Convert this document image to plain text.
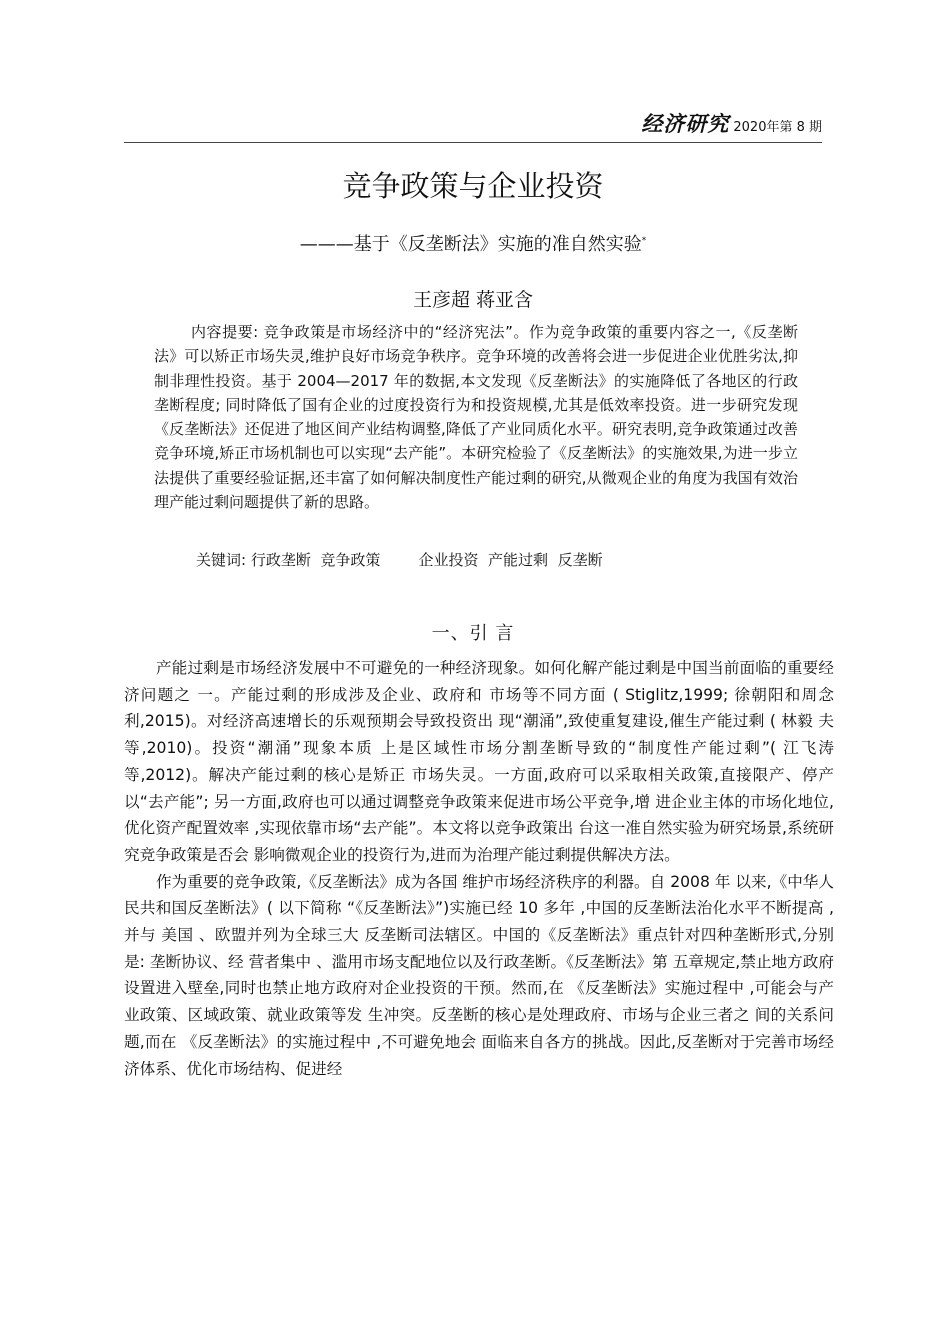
经济研究 2020年第 8 期
竞争政策与企业投资
———基于《反垄断法》实施的准自然实验*
王彦超 蒋亚含

内容提要: 竞争政策是市场经济中的“经济宪法”。作为竞争政策的重要内容之一,《反垄断法》可以矫正市场失灵,维护良好市场竞争秩序。竞争环境的改善将会进一步促进企业优胜劣汰,抑制非理性投资。基于 2004—2017 年的数据,本文发现《反垄断法》的实施降低了各地区的行政垄断程度; 同时降低了国有企业的过度投资行为和投资规模,尤其是低效率投资。进一步研究发现《反垄断法》还促进了地区间产业结构调整,降低了产业同质化水平。研究表明,竞争政策通过改善竞争环境,矫正市场机制也可以实现“去产能”。本研究检验了《反垄断法》的实施效果,为进一步立法提供了重要经验证据,还丰富了如何解决制度性产能过剩的研究,从微观企业的角度为我国有效治理产能过剩问题提供了新的思路。

关键词: 行政垄断  竞争政策        企业投资  产能过剩  反垄断
一、引 言

产能过剩是市场经济发展中不可避免的一种经济现象。如何化解产能过剩是中国当前面临的重要经济问题之 一。产能过剩的形成涉及企业、政府和 市场等不同方面 ( Stiglitz,1999; 徐朝阳和周念利,2015)。对经济高速增长的乐观预期会导致投资出 现“潮涌”,致使重复建设,催生产能过剩 ( 林毅 夫等,2010)。投资“潮涌”现象本质 上是区域性市场分割垄断导致的“制度性产能过剩”( 江飞涛等,2012)。解决产能过剩的核心是矫正 市场失灵。一方面,政府可以采取相关政策,直接限产、停产以“去产能”; 另一方面,政府也可以通过调整竞争政策来促进市场公平竞争,增 进企业主体的市场化地位,优化资产配置效率 ,实现依靠市场“去产能”。本文将以竞争政策出 台这一准自然实验为研究场景,系统研究竞争政策是否会 影响微观企业的投资行为,进而为治理产能过剩提供解决方法。

作为重要的竞争政策,《反垄断法》成为各国 维护市场经济秩序的利器。自 2008 年 以来,《中华人民共和国反垄断法》( 以下简称 “《反垄断法》”)实施已经 10 多年 ,中国的反垄断法治化水平不断提高 ,并与 美国 、欧盟并列为全球三大 反垄断司法辖区。中国的《反垄断法》重点针对四种垄断形式,分别是: 垄断协议、经 营者集中 、滥用市场支配地位以及行政垄断。《反垄断法》第 五章规定,禁止地方政府设置进入壁垒,同时也禁止地方政府对企业投资的干预。然而,在 《反垄断法》实施过程中 ,可能会与产业政策、区域政策、就业政策等发 生冲突。反垄断的核心是处理政府、市场与企业三者之 间的关系问题,而在 《反垄断法》的实施过程中 ,不可避免地会 面临来自各方的挑战。因此,反垄断对于完善市场经济体系、优化市场结构、促进经
